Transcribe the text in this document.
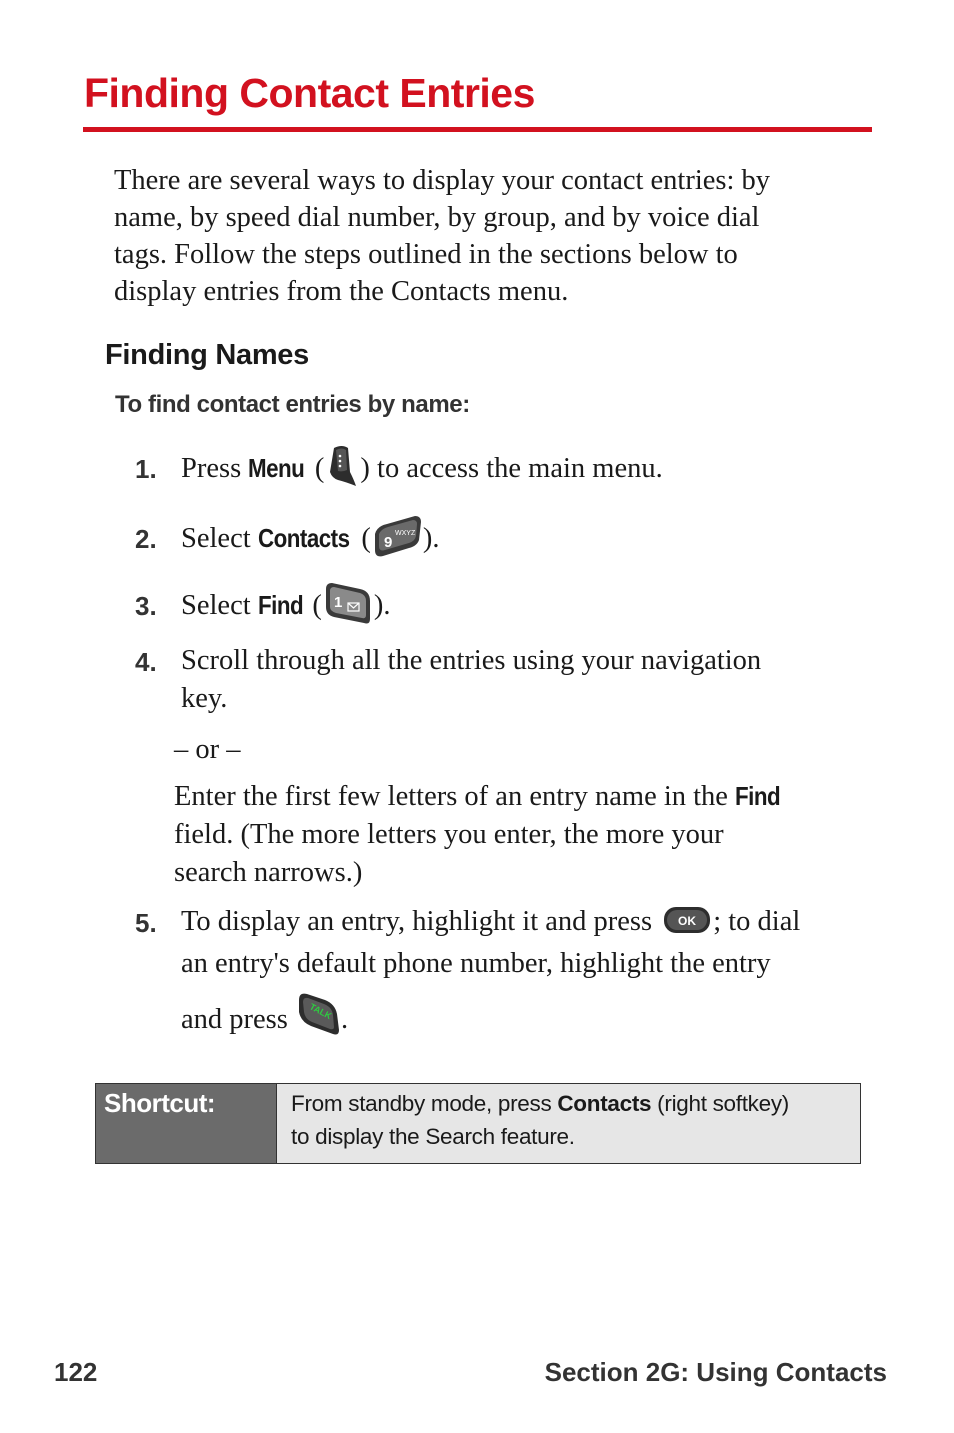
Finding Contact Entries
There are several ways to display your contact entries: by
name, by speed dial number, by group, and by voice dial
tags. Follow the steps outlined in the sections below to
display entries from the Contacts menu.
Finding Names
To find contact entries by name:
1. Press Menu ( ) to access the main menu.
2. Select Contacts ( 9
WXYZ ).
3. Select Find ( 1 ).
4. Scroll through all the entries using your navigation
key.
– or –
Enter the first few letters of an entry name in the Find
field. (The more letters you enter, the more your
search narrows.)
5. To display an entry, highlight it and press OK ; to dial
an entry's default phone number, highlight the entry
and press TALK .
Shortcut:	From standby mode, press Contacts (right softkey)
to display the Search feature.
122	Section 2G: Using Contacts
